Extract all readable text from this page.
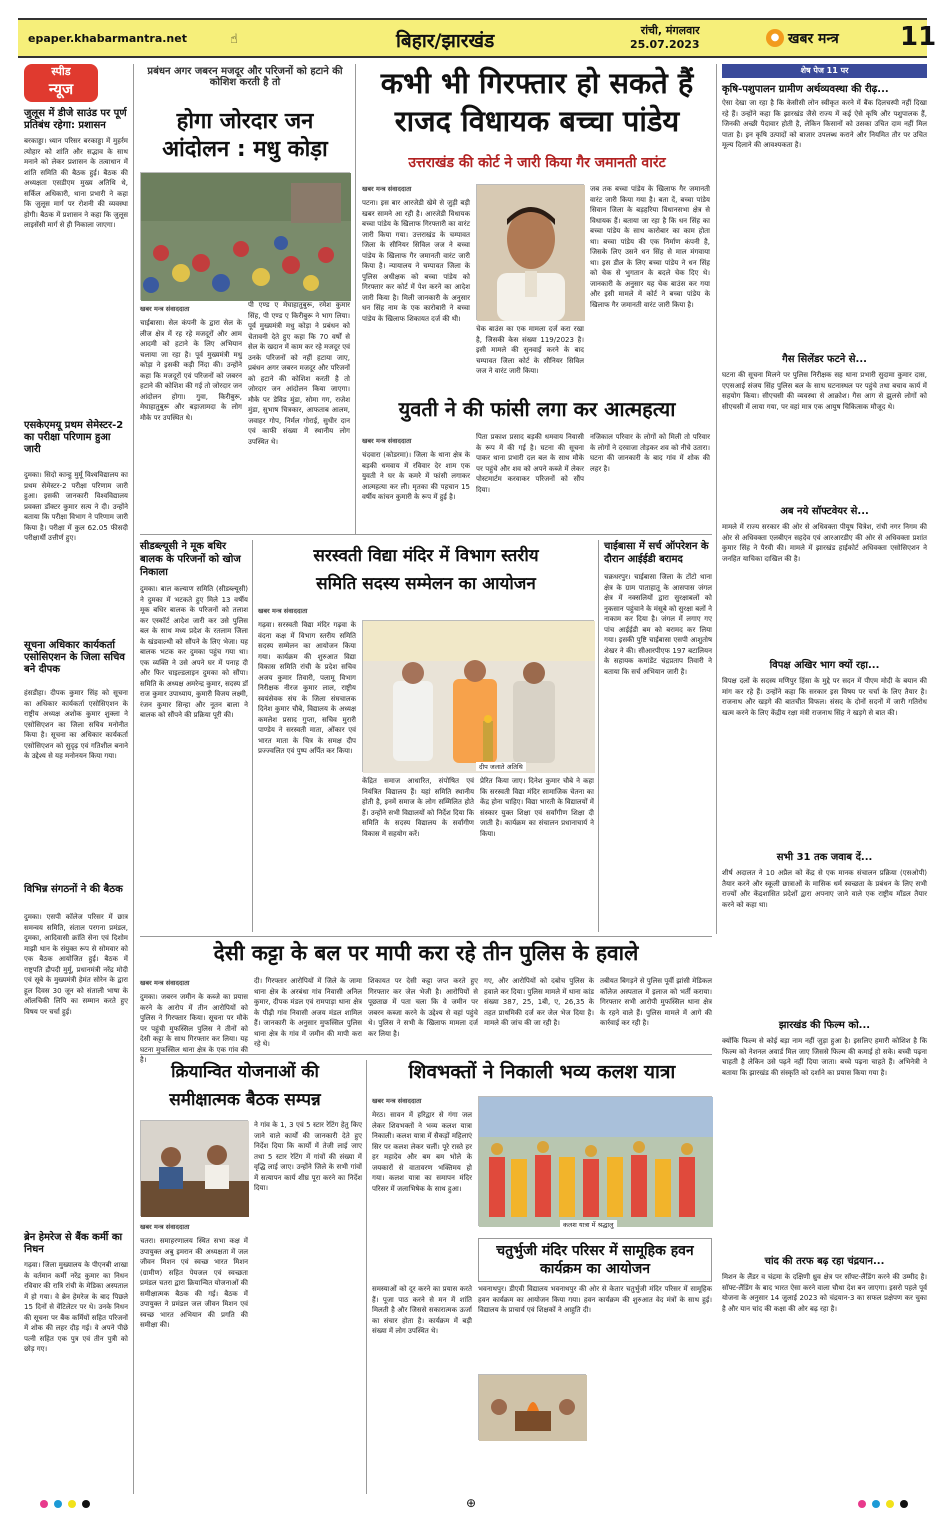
epaper.khabarmantra.net	☝	बिहार/झारखंड	रांची, मंगलवार
25.07.2023
● खबर मन्त्र 11
स्पीड
न्यूज
जुलूस में डीजे साउंड पर पूर्ण प्रतिबंध रहेगा: प्रशासन
बरकाड्डा। ध्यान परिसर बरकाड्डा में मुहर्रम त्योहार को शांति और सद्भाव के साथ मनाने को लेकर प्रशासन के तत्वाधान में शांति समिति की बैठक हुई। बैठक की अध्यक्षता एसडीएम मुख्य अतिथि थे, सर्किल अधिकारी, थाना प्रभारी ने कहा कि जुलूस मार्ग पर रोशनी की व्यवस्था होगी। बैठक में प्रशासन ने कहा कि जुलूस लाइसेंसी मार्ग से ही निकाला जाएगा।
एसकेएमयू प्रथम सेमेस्टर-2 का परीक्षा परिणाम हुआ जारी
दुमका। सिदो कान्हु मुर्मू विश्वविद्यालय का प्रथम सेमेस्टर-2 परीक्षा परिणाम जारी हुआ। इसकी जानकारी विश्वविद्यालय प्रवक्ता डॉक्टर कुमार सत्य ने दी। उन्होंने बताया कि परीक्षा विभाग ने परिणाम जारी किया है। परीक्षा में कुल 62.05 फीसदी परीक्षार्थी उत्तीर्ण हुए।
सूचना अधिकार कार्यकर्ता एसोसिएशन के जिला सचिव बने दीपक
हंसडीहा। दीपक कुमार सिंह को सूचना का अधिकार कार्यकर्ता एसोसिएशन के राष्ट्रीय अध्यक्ष अशोक कुमार शुक्ला ने एसोसिएशन का जिला सचिव मनोनीत किया है। सूचना का अधिकार कार्यकर्ता एसोसिएशन को सुदृढ़ एवं गतिशील बनाने के उद्देश्य से यह मनोनयन किया गया।
विभिन्न संगठनों ने की बैठक
दुमका। एसपी कॉलेज परिसर में छात्र समन्वय समिति, संताल परगना प्रमंडल, दुमका, आदिवासी क्रांति सेना एवं दिशोम माझी थान के संयुक्त रूप से सोमवार को एक बैठक आयोजित हुई। बैठक में राष्ट्रपति द्रौपदी मुर्मू, प्रधानमंत्री नरेंद्र मोदी एवं सूबे के मुख्यमंत्री हेमंत सोरेन के द्वारा हूल दिवस 30 जून को संताली भाषा के ऑलचिकी लिपि का सम्मान करते हुए विषय पर चर्चा हुई।
ब्रेन हेमरेज से बैंक कर्मी का निधन
गढ़वा। जिला मुख्यालय के पीएनबी शाखा के वर्तमान कर्मी नरेंद्र कुमार का निधन रविवार की रात्रि रांची के मेडिका अस्पताल में हो गया। वे ब्रेन हेमरेज के बाद पिछले 15 दिनों से वेंटिलेटर पर थे। उनके निधन की सूचना पर बैंक कर्मियों सहित परिजनों में शोक की लहर दौड़ गई। वे अपने पीछे पत्नी सहित एक पुत्र एवं तीन पुत्री को छोड़ गए।
प्रबंधन अगर जबरन मजदूर और परिजनों को हटाने की कोशिश करती है तो
होगा जोरदार जन आंदोलन : मधु कोड़ा
खबर मन्त्र संवाददाता
चाईबासा। सेल कंपनी के द्वारा सेल के लीज क्षेत्र में रह रहे मजदूरों और आम आदमी को हटाने के लिए अभियान चलाया जा रहा है। पूर्व मुख्यमंत्री मधु कोड़ा ने इसकी कड़ी निंदा की। उन्होंने कहा कि मजदूरों एवं परिजनों को जबरन हटाने की कोशिश की गई तो जोरदार जन आंदोलन होगा। गुवा, किरीबुरू, मेघाहातुबुरू और बड़ाजामदा के लोग मौके पर उपस्थित थे।
पी एण्ड ए मेघाहातुबुरू, रमेश कुमार सिंह, पी एण्ड ए किरीबुरू ने भाग लिया। पूर्व मुख्यमंत्री मधु कोड़ा ने प्रबंधन को चेतावनी देते हुए कहा कि 70 वर्षों से सेल के खदान में काम कर रहे मजदूर एवं उनके परिजनों को नहीं हटाया जाए, प्रबंधन अगर जबरन मजदूर और परिजनों को हटाने की कोशिश करती है तो जोरदार जन आंदोलन किया जाएगा। मौके पर डेविड मुंडा, सोमा गग, राजेश मुंडा, सुभाष चित्रकार, आफताब आलम, जवाहर गोप, निर्मल गोराई, सुधीर दान एवं काफी संख्या में स्थानीय लोग उपस्थित थे।
कभी भी गिरफ्तार हो सकते हैं
राजद विधायक बच्चा पांडेय
उत्तराखंड की कोर्ट ने जारी किया गैर जमानती वारंट
खबर मन्त्र संवाददाता
पटना। इस बार आरजेडी खेमे से जुड़ी बड़ी खबर सामने आ रही है। आरजेडी विधायक बच्चा पांडेय के खिलाफ गिरफ्तारी का वारंट जारी किया गया। उत्तराखंड के चम्पावत जिला के सीनियर सिविल जज ने बच्चा पांडेय के खिलाफ गैर जमानती वारंट जारी किया है। न्यायालय ने चम्पावत जिला के पुलिस अधीक्षक को बच्चा पांडेय को गिरफ्तार कर कोर्ट में पेश करने का आदेश जारी किया है। मिली जानकारी के अनुसार धन सिंह नाम के एक कारोबारी ने बच्चा पांडेय के खिलाफ शिकायत दर्ज की थी।
चेक बाउंस का एक मामला दर्ज करा रखा है, जिसकी केस संख्या 119/2023 है। इसी मामले की सुनवाई करने के बाद चम्पावत जिला कोर्ट के सीनियर सिविल जज ने वारंट जारी किया।
जब तक बच्चा पांडेय के खिलाफ गैर जमानती वारंट जारी किया गया है। बता दें, बच्चा पांडेय सिवान जिला के बड़हरिया विधानसभा क्षेत्र से विधायक हैं। बताया जा रहा है कि धन सिंह का बच्चा पांडेय के साथ कारोबार का काम होता था। बच्चा पांडेय की एक निर्माण कंपनी है, जिसके लिए उसने धन सिंह से माल मंगवाया था। इस डील के लिए बच्चा पांडेय ने धन सिंह को चेक से भुगतान के बदले चेक दिए थे। जानकारी के अनुसार यह चेक बाउंस कर गया और इसी मामले में कोर्ट ने बच्चा पांडेय के खिलाफ गैर जमानती वारंट जारी किया है।
युवती ने की फांसी लगा कर आत्महत्या
खबर मन्त्र संवाददाता
चंदवारा (कोडरमा)। जिला के थाना क्षेत्र के बड़की धमवाय में रविवार देर शाम एक युवती ने घर के कमरे में फांसी लगाकर आत्महत्या कर ली। मृतका की पहचान 15 वर्षीय कांचन कुमारी के रूप में हुई है।
पिता प्रकाश प्रसाद बड़की धमवाय निवासी के रूप में की गई है। घटना की सूचना पाकर थाना प्रभारी दल बल के साथ मौके पर पहुंचे और शव को अपने कब्जे में लेकर पोस्टमार्टम करवाकर परिजनों को सौंप दिया।
नजिकाल परिवार के लोगों को मिली तो परिवार के लोगों ने दरवाजा तोड़कर शव को नीचे उतारा। घटना की जानकारी के बाद गांव में शोक की लहर है।
सीडब्ल्यूसी ने मूक बधिर बालक के परिजनों को खोज निकाला
दुमका। बाल कल्याण समिति (सीडब्ल्यूसी) ने दुमका में भटकते हुए मिले 13 वर्षीय मूक बधिर बालक के परिजनों को तलाश कर एस्कॉर्ट आदेश जारी कर उसे पुलिस बल के साथ मध्य प्रदेश के रतलाम जिला के खंडवाल्थी को सौंपने के लिए भेजा। यह बालक भटक कर दुमका पहुंच गया था। एक व्यक्ति ने उसे अपने घर में पनाह दी और फिर चाइल्डलाइन दुमका को सौंपा। समिति के अध्यक्ष अमरेन्द्र कुमार, सदस्य डॉ राज कुमार उपाध्याय, कुमारी विजय लक्ष्मी, रंजन कुमार सिन्हा और नूतन बाला ने बालक को सौंपने की प्रक्रिया पूरी की।
सरस्वती विद्या मंदिर में विभाग स्तरीय
समिति सदस्य सम्मेलन का आयोजन
खबर मन्त्र संवाददाता
गढ़वा। सरस्वती विद्या मंदिर गढ़वा के वंदना कक्ष में विभाग स्तरीय समिति सदस्य सम्मेलन का आयोजन किया गया। कार्यक्रम की शुरुआत विद्या विकास समिति रांची के प्रदेश सचिव अजय कुमार तिवारी, पलामू विभाग निरीक्षक नीरज कुमार लाल, राष्ट्रीय स्वयंसेवक संघ के जिला संघचालक दिनेश कुमार चौबे, विद्यालय के अध्यक्ष कमलेश प्रसाद गुप्ता, सचिव मुरारी पाण्डेय ने सरस्वती माता, ओंकार एवं भारत माता के चित्र के समक्ष दीप प्रज्ज्वलित एवं पुष्प अर्पित कर किया।
दीप जलाते अतिथि
केंद्रित समाज आधारित, संपोषित एवं नियंत्रित विद्यालय हैं। यहां समिति स्थानीय होती है, इनमें समाज के लोग सम्मिलित होते हैं। उन्होंने सभी विद्यालयों को निर्देश दिया कि समिति के सदस्य विद्यालय के सर्वांगीण विकास में सहयोग करें।
प्रेरित किया जाए। दिनेश कुमार चौबे ने कहा कि सरस्वती विद्या मंदिर सामाजिक चेतना का केंद्र होना चाहिए। विद्या भारती के विद्यालयों में संस्कार युक्त शिक्षा एवं सर्वांगीण शिक्षा दी जाती है। कार्यक्रम का संचालन प्रधानाचार्य ने किया।
चाईबासा में सर्च ऑपरेशन के दौरान आईईडी बरामद
चक्रधरपुर। चाईबासा जिला के टोंटो थाना क्षेत्र के ग्राम पाताहातू के आसपास जंगल क्षेत्र में नक्सलियों द्वारा सुरक्षाबलों को नुकसान पहुंचाने के मंसूबे को सुरक्षा बलों ने नाकाम कर दिया है। जंगल में लगाए गए पांच आईईडी बम को बरामद कर लिया गया। इसकी पुष्टि चाईबासा एसपी आशुतोष शेखर ने की। सीआरपीएफ 197 बटालियन के सहायक कमांडेंट चंद्रप्रताप तिवारी ने बताया कि सर्च अभियान जारी है।
देसी कट्टा के बल पर मापी करा रहे तीन पुलिस के हवाले
खबर मन्त्र संवाददाता
दुमका। जबरन जमीन के कब्जे का प्रयास करने के आरोप में तीन आरोपियों को पुलिस ने गिरफ्तार किया। सूचना पर मौके पर पहुंची मुफस्सिल पुलिस ने तीनों को देसी कट्टा के साथ गिरफ्तार कर लिया। यह घटना मुफस्सिल थाना क्षेत्र के एक गांव की है।
दी। गिरफ्तार आरोपियों में जिले के जामा थाना क्षेत्र के अरबंधा गांव निवासी अनिल कुमार, दीपक मंडल एवं रामपाड़ा थाना क्षेत्र के पीढ़ी गांव निवासी अजय मंडल शामिल हैं। जानकारी के अनुसार मुफस्सिल पुलिस थाना क्षेत्र के गांव में जमीन की मापी करा रहे थे।
शिकायत पर देसी कट्टा जप्त करते हुए गिरफ्तार कर जेल भेजी है। आरोपियों से पूछताछ में पता चला कि वे जमीन पर जबरन कब्जा करने के उद्देश्य से वहां पहुंचे थे। पुलिस ने सभी के खिलाफ मामला दर्ज कर लिया है।
गए, और आरोपियों को दबोच पुलिस के हवाले कर दिया। पुलिस मामले में थाना कांड संख्या 387, 25, 1बी, ए, 26,35 के तहत प्राथमिकी दर्ज कर जेल भेज दिया है। मामले की जांच की जा रही है।
तबीयत बिगड़ने से पुलिस पूर्वी झांसी मेडिकल कॉलेज अस्पताल में इलाज को भर्ती कराया। गिरफ्तार सभी आरोपी मुफस्सिल थाना क्षेत्र के रहने वाले हैं। पुलिस मामले में आगे की कार्रवाई कर रही है।
क्रियान्वित योजनाओं की
समीक्षात्मक बैठक सम्पन्न
खबर मन्त्र संवाददाता
चतरा। समाहरणालय स्थित सभा कक्ष में उपायुक्त अबु इमरान की अध्यक्षता में जल जीवन मिशन एवं स्वच्छ भारत मिशन (ग्रामीण) सहित पेयजल एवं स्वच्छता प्रमंडल चतरा द्वारा क्रियान्वित योजनाओं की समीक्षात्मक बैठक की गई। बैठक में उपायुक्त ने प्रमंडल जल जीवन मिशन एवं स्वच्छ भारत अभियान की प्रगति की समीक्षा की।
ने गांव के 1, 3 एवं 5 स्टार रेटिंग हेतु किए जाने वाले कार्यों की जानकारी देते हुए निर्देश दिया कि कार्यों में तेजी लाई जाए तथा 5 स्टार रेटिंग में गांवों की संख्या में वृद्धि लाई जाए। उन्होंने जिले के सभी गांवों में सत्यापन कार्य शीघ्र पूरा करने का निर्देश दिया।
शिवभक्तों ने निकाली भव्य कलश यात्रा
खबर मन्त्र संवाददाता
मेरठ। सावन में हरिद्वार से गंगा जल लेकर शिवभक्तों ने भव्य कलश यात्रा निकाली। कलश यात्रा में सैकड़ों महिलाएं सिर पर कलश लेकर चलीं। पूरे रास्ते हर हर महादेव और बम बम भोले के जयकारों से वातावरण भक्तिमय हो गया। कलश यात्रा का समापन मंदिर परिसर में जलाभिषेक के साथ हुआ।
कलश यात्रा में श्रद्धालु
चतुर्भुजी मंदिर परिसर में सामूहिक हवन कार्यक्रम का आयोजन
भवनाथपुर। डीएवी विद्यालय भवनाथपुर की ओर से केतार चतुर्भुजी मंदिर परिसर में सामूहिक हवन कार्यक्रम का आयोजन किया गया। हवन कार्यक्रम की शुरुआत वेद मंत्रों के साथ हुई। विद्यालय के प्राचार्य एवं शिक्षकों ने आहुति दी।
समस्याओं को दूर करने का प्रयास करते हैं। पूजा पाठ करने से मन में शांति मिलती है और जिससे सकारात्मक ऊर्जा का संचार होता है। कार्यक्रम में बड़ी संख्या में लोग उपस्थित थे।
शेष पेज 11 पर
कृषि-पशुपालन ग्रामीण अर्थव्यवस्था की रीढ़...
ऐसा देखा जा रहा है कि केसीसी लोन स्वीकृत करने में बैंक दिलचस्पी नहीं दिखा रहे हैं। उन्होंने कहा कि झारखंड जैसे राज्य में कई ऐसे कृषि और पशुपालक हैं, जिनकी अच्छी पैदावार होती है, लेकिन किसानों को उसका उचित दाम नहीं मिल पाता है। इन कृषि उत्पादों को बाजार उपलब्ध कराने और नियमित तौर पर उचित मूल्य दिलाने की आवश्यकता है।
गैस सिलेंडर फटने से...
घटना की सूचना मिलने पर पुलिस निरीक्षक सह थाना प्रभारी सुदामा कुमार दास, एएसआई संजय सिंह पुलिस बल के साथ घटनास्थल पर पहुंचे तथा बचाव कार्य में सहयोग किया। सीएचसी की व्यवस्था से आक्रोश। गैस आग से झुलसे लोगों को सीएचसी में लाया गया, पर वहां मात्र एक आयुष चिकित्सक मौजूद थे।
अब नये सॉफ्टवेयर से...
मामले में राज्य सरकार की ओर से अधिवक्ता पीयूष चित्रेश, रांची नगर निगम की ओर से अधिवक्ता एलबीएन सहदेव एवं आरआरडीए की ओर से अधिवक्ता प्रशांत कुमार सिंह ने पैरवी की। मामले में झारखंड हाईकोर्ट अधिवक्ता एसोसिएशन ने जनहित याचिका दाखिल की है।
विपक्ष अखिर भाग क्यों रहा...
विपक्ष दलों के सदस्य मणिपुर हिंसा के मुद्दे पर सदन में पीएम मोदी के बयान की मांग कर रहे हैं। उन्होंने कहा कि सरकार इस विषय पर चर्चा के लिए तैयार है। राजनाथ और खड़गे की बातचीत विफल। संसद के दोनों सदनों में जारी गतिरोध खत्म करने के लिए केंद्रीय रक्षा मंत्री राजनाथ सिंह ने खड़गे से बात की।
सभी 31 तक जवाब दें...
शीर्ष अदालत ने 10 अप्रैल को केंद्र से एक मानक संचालन प्रक्रिया (एसओपी) तैयार करने और स्कूली छात्राओं के मासिक धर्म स्वच्छता के प्रबंधन के लिए सभी राज्यों और केंद्रशासित प्रदेशों द्वारा अपनाए जाने वाले एक राष्ट्रीय मॉडल तैयार करने को कहा था।
झारखंड की फिल्म को...
क्योंकि फिल्म से कोई बड़ा नाम नहीं जुड़ा हुआ है। इसलिए हमारी कोशिश है कि फिल्म को नेशनल अवार्ड मिल जाए जिससे फिल्म की कमाई हो सके। बच्ची पढ़ना चाहती है लेकिन उसे पढ़ने नहीं दिया जाता। बच्चे पढ़ना चाहते हैं। अभिनेत्री ने बताया कि झारखंड की संस्कृति को दर्शाने का प्रयास किया गया है।
चांद की तरफ बढ़ रहा चंद्रयान...
मिशन के लैंडर व चंद्रमा के दक्षिणी ध्रुव क्षेत्र पर सॉफ्ट-लैंडिंग करने की उम्मीद है। सॉफ्ट-लैंडिंग के बाद भारत ऐसा करने वाला चौथा देश बन जाएगा। इसरो पहले पूर्व योजना के अनुसार 14 जुलाई 2023 को चंद्रयान-3 का सफल प्रक्षेपण कर चुका है और यान चांद की कक्षा की ओर बढ़ रहा है।
⊕
